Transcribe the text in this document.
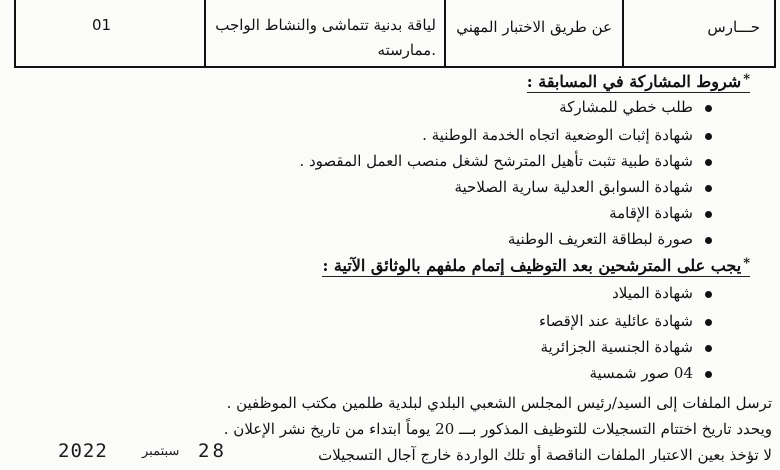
حـــارس
عن طريق الاختبار المهني
لياقة بدنية تتماشى والنشاط الواجب
ممارسته.
01
*شروط المشاركة في المسابقة :
طلب خطي للمشاركة
شهادة إثبات الوضعية اتجاه الخدمة الوطنية .
شهادة طبية تثبت تأهيل المترشح لشغل منصب العمل المقصود .
شهادة السوابق العدلية سارية الصلاحية
شهادة الإقامة
صورة لبطاقة التعريف الوطنية
*يجب على المترشحين بعد التوظيف إتمام ملفهم بالوثائق الآتية :
شهادة الميلاد
شهادة عائلية عند الإقصاء
شهادة الجنسية الجزائرية
04 صور شمسية
ترسل الملفات إلى السيد/رئيس المجلس الشعبي البلدي لبلدية طلمين مكتب الموظفين .
ويحدد تاريخ اختتام التسجيلات للتوظيف المذكور بـــ 20 يوماً ابتداء من تاريخ نشر الإعلان .
لا تؤخذ بعين الاعتبار الملفات الناقصة أو تلك الواردة خارج آجال التسجيلات
2022	سبتمبر 28
